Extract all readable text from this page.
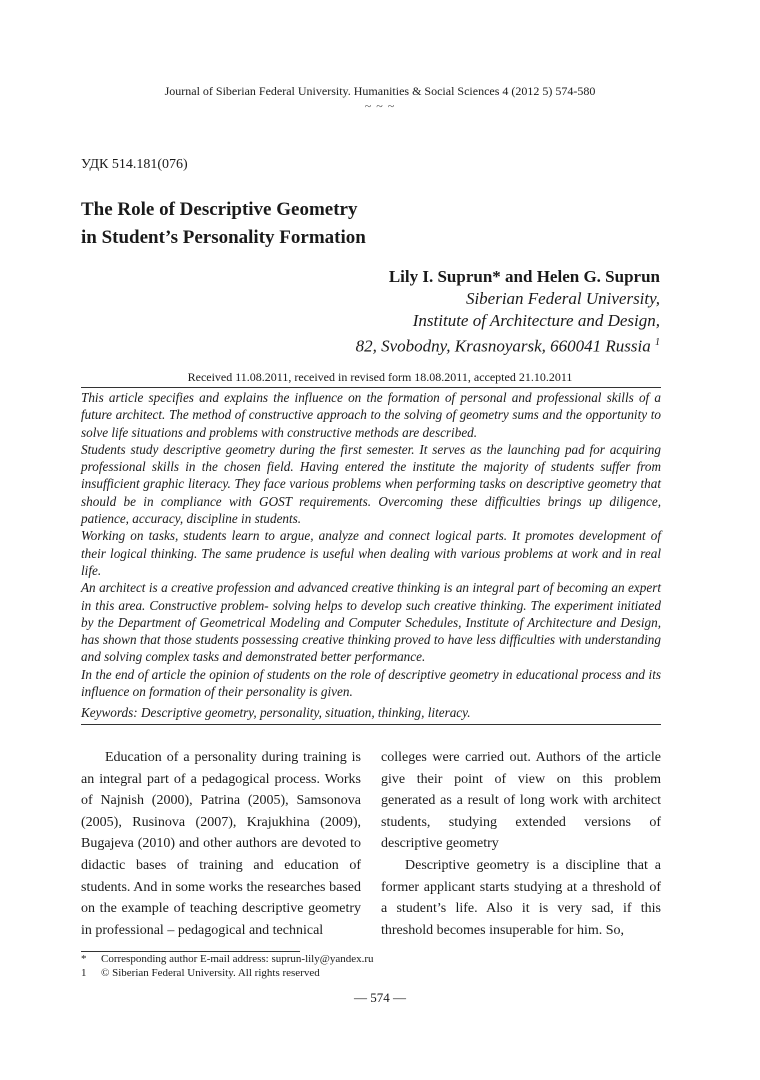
Journal of Siberian Federal University. Humanities & Social Sciences 4 (2012 5) 574-580
~ ~ ~
УДК 514.181(076)
The Role of Descriptive Geometry
in Student’s Personality Formation
Lily I. Suprun* and Helen G. Suprun
Siberian Federal University,
Institute of Architecture and Design,
82, Svobodny, Krasnoyarsk, 660041 Russia $^1$
Received 11.08.2011, received in revised form 18.08.2011, accepted 21.10.2011

This article specifies and explains the influence on the formation of personal and professional skills of a future architect. The method of constructive approach to the solving of geometry sums and the opportunity to solve life situations and problems with constructive methods are described.

Students study descriptive geometry during the first semester. It serves as the launching pad for acquiring professional skills in the chosen field. Having entered the institute the majority of students suffer from insufficient graphic literacy. They face various problems when performing tasks on descriptive geometry that should be in compliance with GOST requirements. Overcoming these difficulties brings up diligence, patience, accuracy, discipline in students.

Working on tasks, students learn to argue, analyze and connect logical parts. It promotes development of their logical thinking. The same prudence is useful when dealing with various problems at work and in real life.

An architect is a creative profession and advanced creative thinking is an integral part of becoming an expert in this area. Constructive problem- solving helps to develop such creative thinking. The experiment initiated by the Department of Geometrical Modeling and Computer Schedules, Institute of Architecture and Design, has shown that those students possessing creative thinking proved to have less difficulties with understanding and solving complex tasks and demonstrated better performance.

In the end of article the opinion of students on the role of descriptive geometry in educational process and its influence on formation of their personality is given.

Keywords: Descriptive geometry, personality, situation, thinking, literacy.

Education of a personality during training is an integral part of a pedagogical process. Works of Najnish (2000), Patrina (2005), Samsonova (2005), Rusinova (2007), Krajukhina (2009), Bugajeva (2010) and other authors are devoted to didactic bases of training and education of students. And in some works the researches based on the example of teaching descriptive geometry in professional – pedagogical and technical

colleges were carried out. Authors of the article give their point of view on this problem generated as a result of long work with architect students, studying extended versions of descriptive geometry

Descriptive geometry is a discipline that a former applicant starts studying at a threshold of a student’s life. Also it is very sad, if this threshold becomes insuperable for him. So,

* Corresponding author E-mail address: suprun-lily@yandex.ru
1 © Siberian Federal University. All rights reserved
— 574 —
